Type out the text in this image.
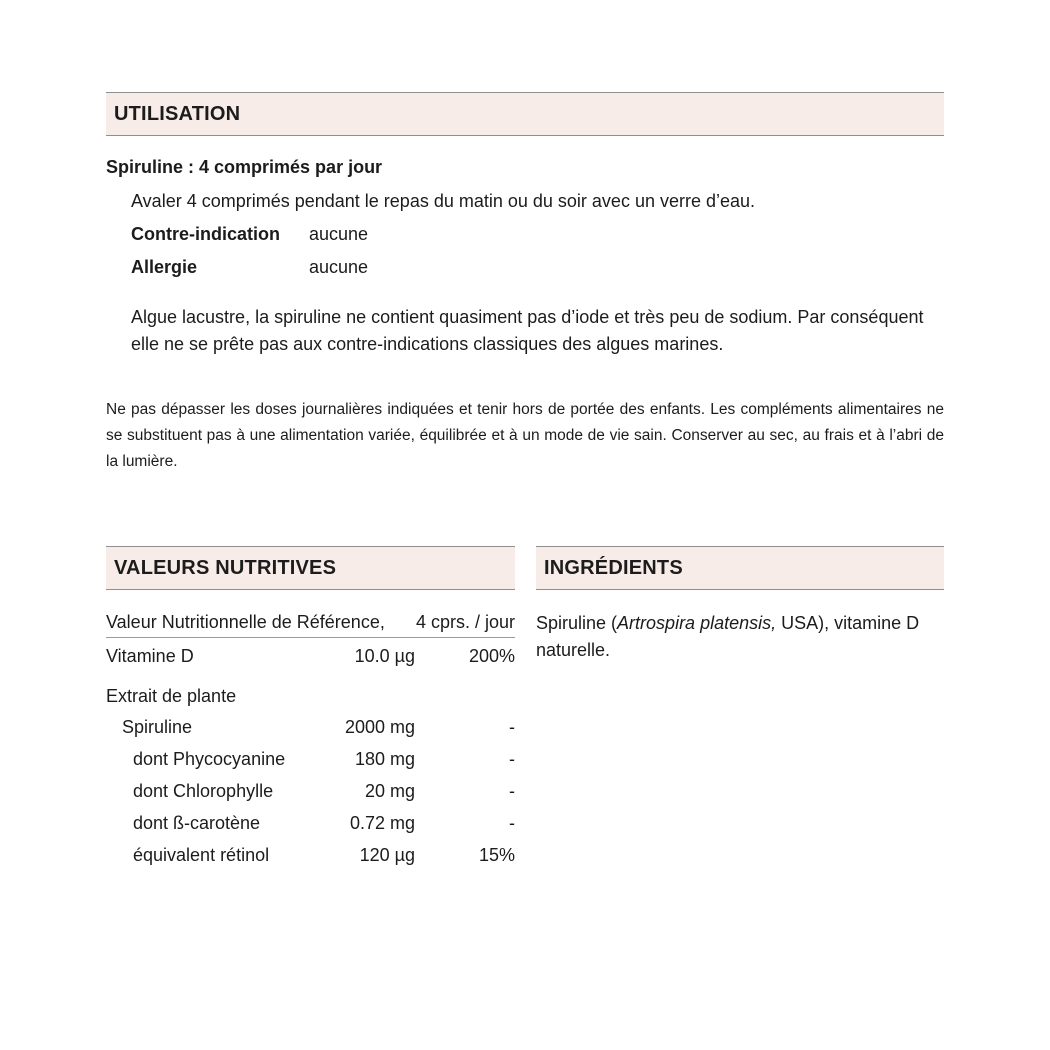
UTILISATION
Spiruline : 4 comprimés par jour
Avaler 4 comprimés pendant le repas du matin ou du soir avec un verre d’eau.
Contre-indication aucune
Allergie	aucune
Algue lacustre, la spiruline ne contient quasiment pas d’iode et très peu de sodium. Par conséquent elle ne se prête pas aux contre-indications classiques des algues marines.
Ne pas dépasser les doses journalières indiquées et tenir hors de portée des enfants. Les compléments alimentaires ne se substituent pas à une alimentation variée, équilibrée et à un mode de vie sain. Conserver au sec, au frais et à l’abri de la lumière.
VALEURS NUTRITIVES
Valeur Nutritionnelle de Référence, 4 cprs. / jour
Vitamine D	10.0 µg	200%
Extrait de plante
Spiruline	2000 mg	-
dont Phycocyanine	180 mg	-
dont Chlorophylle	20 mg	-
dont ß-carotène	0.72 mg	-
équivalent rétinol	120 µg	15%
INGRÉDIENTS
Spiruline (Artrospira platensis, USA), vitamine D naturelle.
